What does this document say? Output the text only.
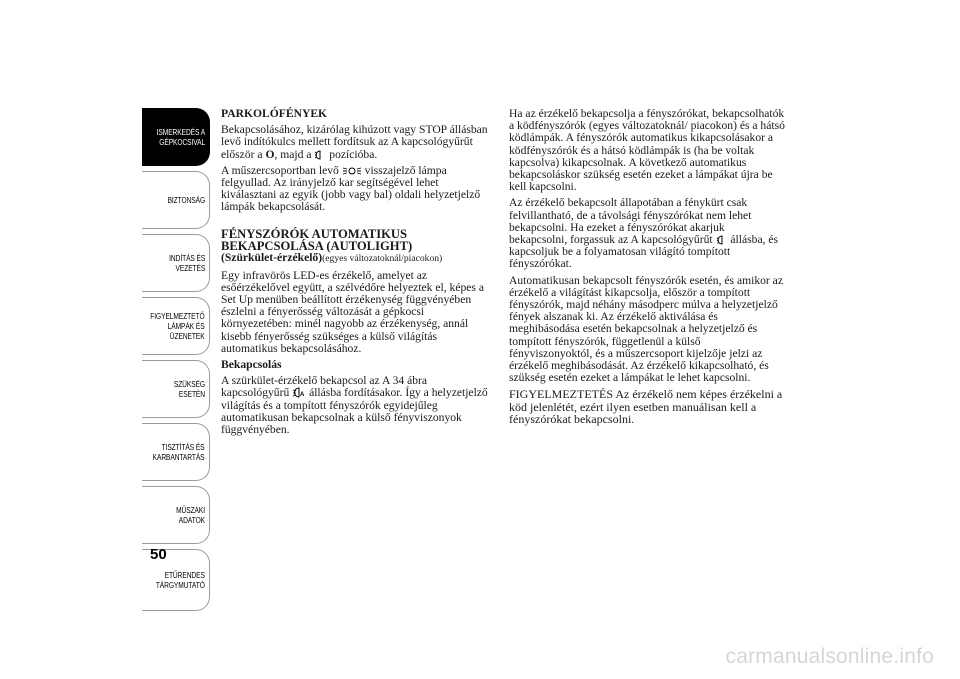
ISMERKEDÉS A
GÉPKOCSIVAL
BIZTONSÁG
INDÍTÁS ÉS
VEZETÉS
FIGYELMEZTETŐ
LÁMPÁK ÉS
ÜZENETEK
SZÜKSÉG ESETÉN
TISZTÍTÁS ÉS
KARBANTARTÁS
MŰSZAKI ADATOK
ETŰRENDES
TÁRGYMUTATÓ
50
PARKOLÓFÉNYEK

Bekapcsolásához, kizárólag kihúzott vagy STOP állásban levő indítókulcs mellett fordítsuk az A kapcsológyűrűt először a O, majd a  pozícióba.

A műszercsoportban levő  visszajelző lámpa felgyullad. Az irányjelző kar segítségével lehet kiválasztani az egyik (jobb vagy bal) oldali helyzetjelző lámpák bekapcsolását.

FÉNYSZÓRÓK AUTOMATIKUS BEKAPCSOLÁSA (AUTOLIGHT)
(Szürkület-érzékelő)(egyes változatoknál/piacokon)

Egy infravörös LED-es érzékelő, amelyet az esőérzékelővel együtt, a szélvédőre helyeztek el, képes a Set Up menüben beállított érzékenység függvényében észlelni a fényerősség változását a gépkocsi környezetében: minél nagyobb az érzékenység, annál kisebb fényerősség szükséges a külső világítás automatikus bekapcsolásához.

Bekapcsolás

A szürkület-érzékelő bekapcsol az A 34 ábra kapcsológyűrű A állásba fordításakor. Így a helyzetjelző világítás és a tompított fényszórók egyidejűleg automatikusan bekapcsolnak a külső fényviszonyok függvényében.

Ha az érzékelő bekapcsolja a fényszórókat, bekapcsolhatók a ködfényszórók (egyes változatoknál/ piacokon) és a hátsó ködlámpák. A fényszórók automatikus kikapcsolásakor a ködfényszórók és a hátsó ködlámpák is (ha be voltak kapcsolva) kikapcsolnak. A következő automatikus bekapcsoláskor szükség esetén ezeket a lámpákat újra be kell kapcsolni.

Az érzékelő bekapcsolt állapotában a fénykürt csak felvillantható, de a távolsági fényszórókat nem lehet bekapcsolni. Ha ezeket a fényszórókat akarjuk bekapcsolni, forgassuk az A kapcsológyűrűt  állásba, és kapcsoljuk be a folyamatosan világító tompított fényszórókat.

Automatikusan bekapcsolt fényszórók esetén, és amikor az érzékelő a világítást kikapcsolja, először a tompított fényszórók, majd néhány másodperc múlva a helyzetjelző fények alszanak ki. Az érzékelő aktiválása és meghibásodása esetén bekapcsolnak a helyzetjelző és tompított fényszórók, függetlenül a külső fényviszonyoktól, és a műszercsoport kijelzője jelzi az érzékelő meghibásodását. Az érzékelő kikapcsolható, és szükség esetén ezeket a lámpákat le lehet kapcsolni.

FIGYELMEZTETÉS Az érzékelő nem képes érzékelni a köd jelenlétét, ezért ilyen esetben manuálisan kell a fényszórókat bekapcsolni.

carmanualsonline.info
